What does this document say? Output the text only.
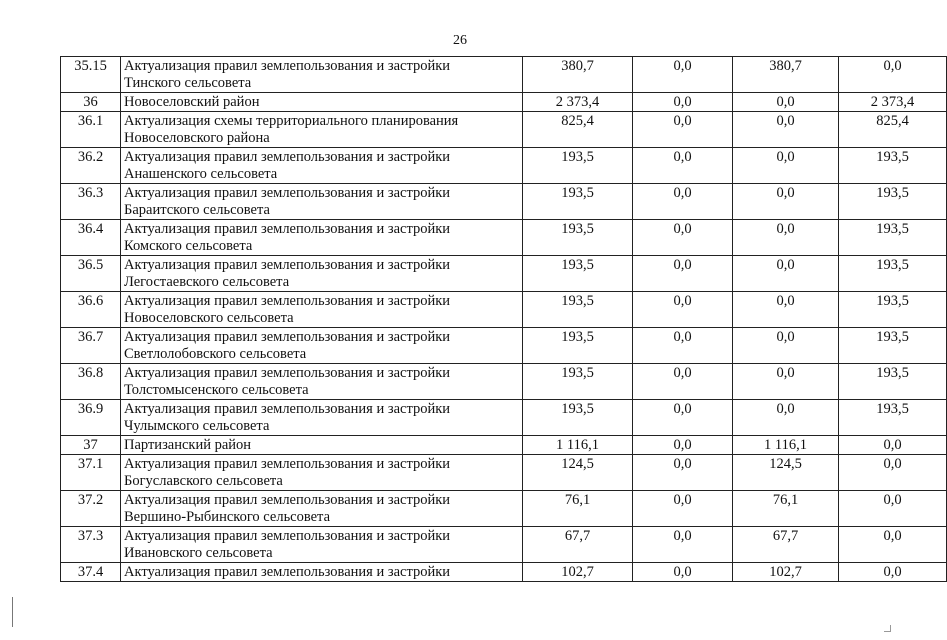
26
35.15	Актуализация правил землепользования и застройки
Тинского сельсовета	380,7	0,0	380,7	0,0
36	Новоселовский район	2 373,4	0,0	0,0	2 373,4
36.1	Актуализация схемы территориального планирования
Новоселовского района	825,4	0,0	0,0	825,4
36.2	Актуализация правил землепользования и застройки
Анашенского сельсовета	193,5	0,0	0,0	193,5
36.3	Актуализация правил землепользования и застройки
Бараитского сельсовета	193,5	0,0	0,0	193,5
36.4	Актуализация правил землепользования и застройки
Комского сельсовета	193,5	0,0	0,0	193,5
36.5	Актуализация правил землепользования и застройки
Легостаевского сельсовета	193,5	0,0	0,0	193,5
36.6	Актуализация правил землепользования и застройки
Новоселовского сельсовета	193,5	0,0	0,0	193,5
36.7	Актуализация правил землепользования и застройки
Светлолобовского сельсовета	193,5	0,0	0,0	193,5
36.8	Актуализация правил землепользования и застройки
Толстомысенского сельсовета	193,5	0,0	0,0	193,5
36.9	Актуализация правил землепользования и застройки
Чулымского сельсовета	193,5	0,0	0,0	193,5
37	Партизанский район	1 116,1	0,0	1 116,1	0,0
37.1	Актуализация правил землепользования и застройки
Богуславского сельсовета	124,5	0,0	124,5	0,0
37.2	Актуализация правил землепользования и застройки
Вершино-Рыбинского сельсовета	76,1	0,0	76,1	0,0
37.3	Актуализация правил землепользования и застройки
Ивановского сельсовета	67,7	0,0	67,7	0,0
37.4	Актуализация правил землепользования и застройки	102,7	0,0	102,7	0,0
